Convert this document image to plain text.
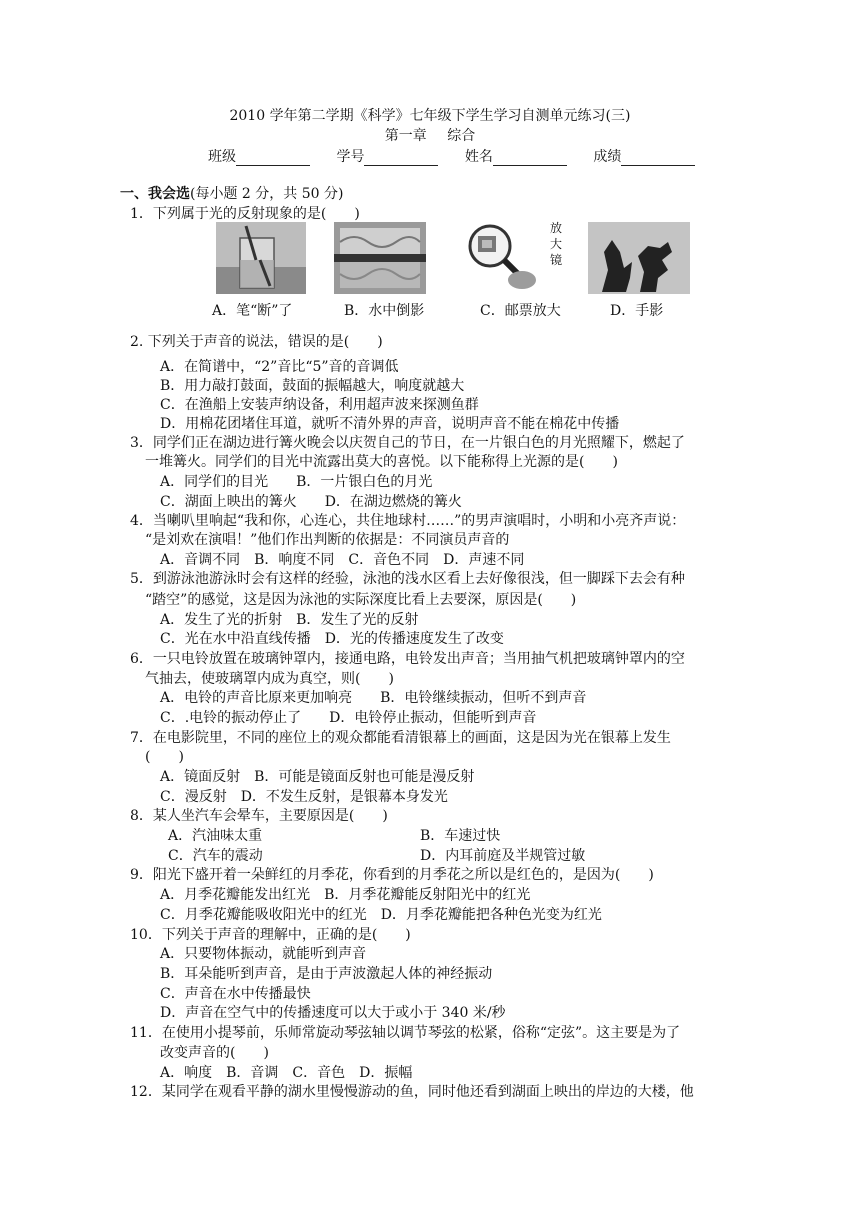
2010 学年第二学期《科学》七年级下学生学习自测单元练习(三)
第一章 综合
班级	学号	姓名	成绩
一、我会选(每小题 2 分，共 50 分)
1．下列属于光的反射现象的是(　　)
放
大
镜
A．笔“断”了	B．水中倒影	C．邮票放大	D．手影
2. 下列关于声音的说法，错误的是(　　)
A．在简谱中，“2”音比“5”音的音调低
B．用力敲打鼓面，鼓面的振幅越大，响度就越大
C．在渔船上安装声纳设备，利用超声波来探测鱼群
D．用棉花团堵住耳道，就听不清外界的声音，说明声音不能在棉花中传播
3．同学们正在湖边进行篝火晚会以庆贺自己的节日，在一片银白色的月光照耀下，燃起了
一堆篝火。同学们的目光中流露出莫大的喜悦。以下能称得上光源的是(　　)
A．同学们的目光　　B．一片银白色的月光
C．湖面上映出的篝火　　D．在湖边燃烧的篝火
4．当喇叭里响起“我和你，心连心，共住地球村……”的男声演唱时，小明和小亮齐声说：
“是刘欢在演唱！”他们作出判断的依据是：不同演员声音的
A．音调不同　B．响度不同　C．音色不同　D．声速不同
5．到游泳池游泳时会有这样的经验，泳池的浅水区看上去好像很浅，但一脚踩下去会有种
“踏空”的感觉，这是因为泳池的实际深度比看上去要深，原因是(　　)
A．发生了光的折射　B．发生了光的反射
C．光在水中沿直线传播　D．光的传播速度发生了改变
6．一只电铃放置在玻璃钟罩内，接通电路，电铃发出声音；当用抽气机把玻璃钟罩内的空
气抽去，使玻璃罩内成为真空，则(　　)
A．电铃的声音比原来更加响亮　　B．电铃继续振动，但听不到声音
C．.电铃的振动停止了　　D．电铃停止振动，但能听到声音
7．在电影院里，不同的座位上的观众都能看清银幕上的画面，这是因为光在银幕上发生
(　　)
A．镜面反射　B．可能是镜面反射也可能是漫反射
C．漫反射　D．不发生反射，是银幕本身发光
8．某人坐汽车会晕车，主要原因是(　　)
A．汽油味太重	B．车速过快
C．汽车的震动	D．内耳前庭及半规管过敏
9．阳光下盛开着一朵鲜红的月季花，你看到的月季花之所以是红色的，是因为(　　)
A．月季花瓣能发出红光　B．月季花瓣能反射阳光中的红光
C．月季花瓣能吸收阳光中的红光　D．月季花瓣能把各种色光变为红光
10．下列关于声音的理解中，正确的是(　　)
A．只要物体振动，就能听到声音
B．耳朵能听到声音，是由于声波激起人体的神经振动
C．声音在水中传播最快
D．声音在空气中的传播速度可以大于或小于 340 米/秒
11．在使用小提琴前，乐师常旋动琴弦轴以调节琴弦的松紧，俗称“定弦”。这主要是为了
改变声音的(　　)
A．响度　B．音调　C．音色　D．振幅
12．某同学在观看平静的湖水里慢慢游动的鱼，同时他还看到湖面上映出的岸边的大楼，他
